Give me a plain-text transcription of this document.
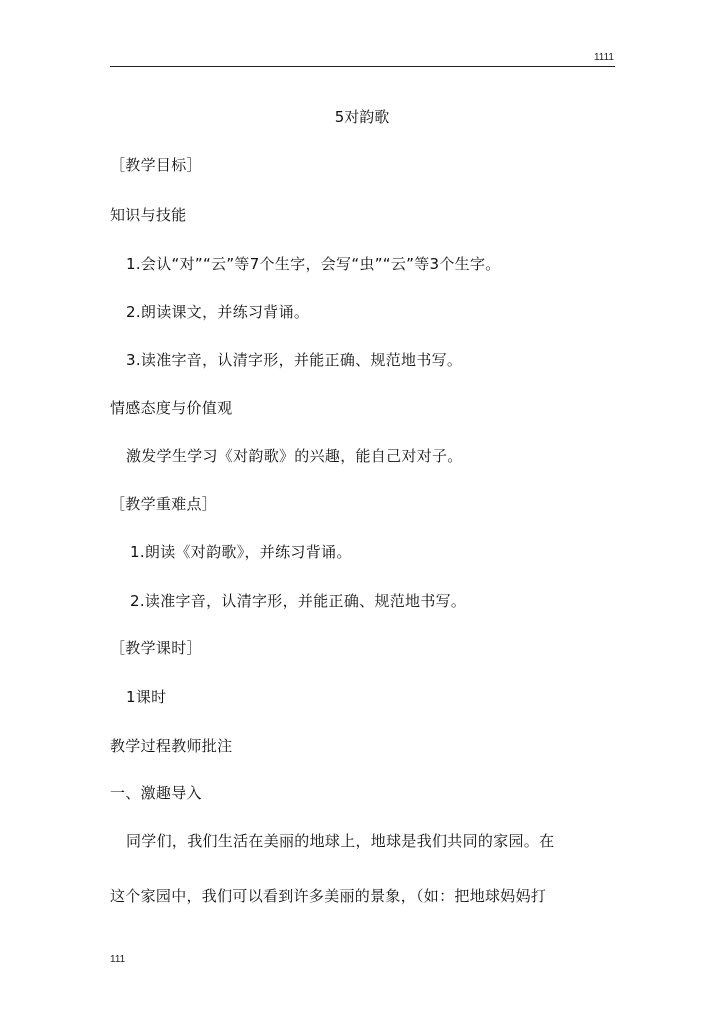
1111
5对韵歌
［教学目标］
知识与技能
1.会认“对”“云”等7个生字，会写“虫”“云”等3个生字。
2.朗读课文，并练习背诵。
3.读准字音，认清字形，并能正确、规范地书写。
情感态度与价值观
激发学生学习《对韵歌》的兴趣，能自己对对子。
［教学重难点］
1.朗读《对韵歌》，并练习背诵。
2.读准字音，认清字形，并能正确、规范地书写。
［教学课时］
1课时
教学过程教师批注
一、激趣导入
同学们，我们生活在美丽的地球上，地球是我们共同的家园。在
这个家园中，我们可以看到许多美丽的景象，（如：把地球妈妈打
111
